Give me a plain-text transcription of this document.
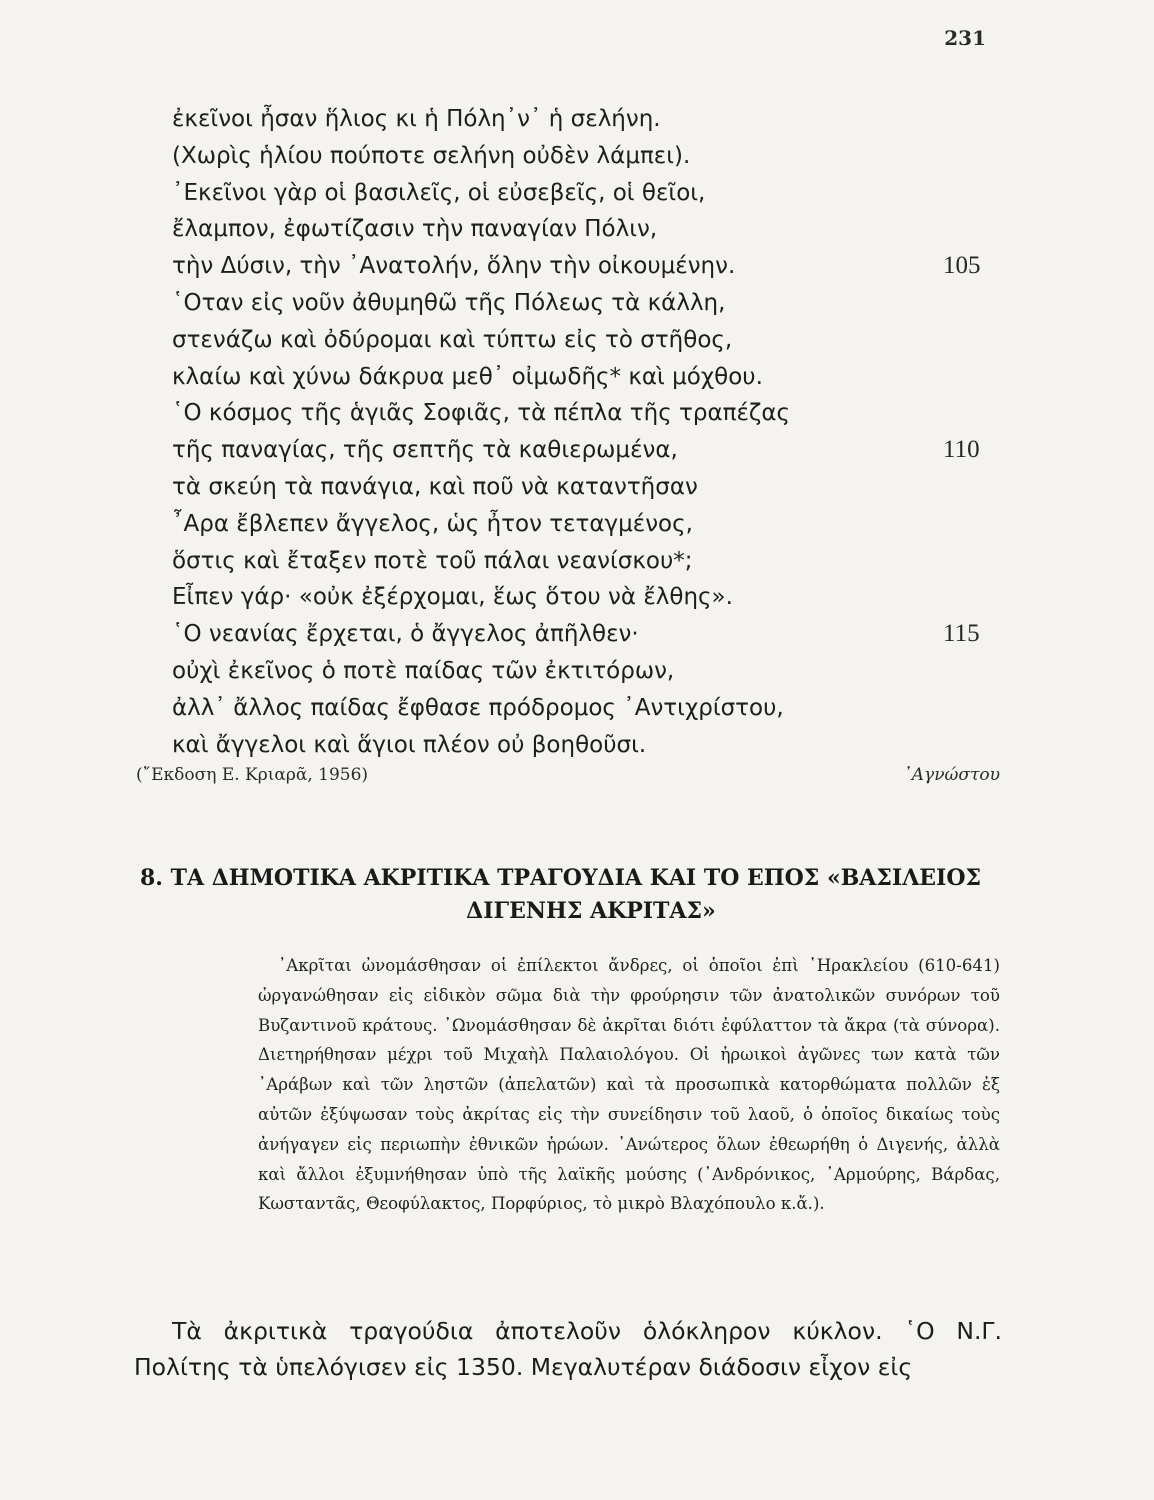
231
ἐκεῖνοι ἦσαν ἥλιος κι ἡ Πόλη᾽ν᾽ ἡ σελήνη.
(Χωρὶς ἡλίου πούποτε σελήνη οὐδὲν λάμπει).
᾽Εκεῖνοι γὰρ οἱ βασιλεῖς, οἱ εὐσεβεῖς, οἱ θεῖοι,
ἔλαμπον, ἐφωτίζασιν τὴν παναγίαν Πόλιν,
τὴν Δύσιν, τὴν ᾽Ανατολήν, ὅλην τὴν οἰκουμένην.	105
῾Οταν εἰς νοῦν ἀθυμηθῶ τῆς Πόλεως τὰ κάλλη,
στενάζω καὶ ὀδύρομαι καὶ τύπτω εἰς τὸ στῆθος,
κλαίω καὶ χύνω δάκρυα μεθ᾽ οἰμωδῆς* καὶ μόχθου.
῾Ο κόσμος τῆς ἁγιᾶς Σοφιᾶς, τὰ πέπλα τῆς τραπέζας
τῆς παναγίας, τῆς σεπτῆς τὰ καθιερωμένα,	110
τὰ σκεύη τὰ πανάγια, καὶ ποῦ νὰ καταντῆσαν
῏Αρα ἔβλεπεν ἄγγελος, ὡς ἦτον τεταγμένος,
ὅστις καὶ ἔταξεν ποτὲ τοῦ πάλαι νεανίσκου*;
Εἶπεν γάρ· «οὐκ ἐξέρχομαι, ἕως ὅτου νὰ ἔλθης».
῾Ο νεανίας ἔρχεται, ὁ ἄγγελος ἀπῆλθεν·	115
οὐχὶ ἐκεῖνος ὁ ποτὲ παίδας τῶν ἐκτιτόρων,
ἀλλ᾽ ἄλλος παίδας ἔφθασε πρόδρομος ᾽Αντιχρίστου,
καὶ ἄγγελοι καὶ ἅγιοι πλέον οὐ βοηθοῦσι.
(῎Εκδοση Ε. Κριαρᾶ, 1956)	᾽Αγνώστου
8. ΤΑ ΔΗΜΟΤΙΚΑ ΑΚΡΙΤΙΚΑ ΤΡΑΓΟΥΔΙΑ ΚΑΙ ΤΟ ΕΠΟΣ «ΒΑΣΙΛΕΙΟΣ
ΔΙΓΕΝΗΣ ΑΚΡΙΤΑΣ»
᾽Ακρῖται ὠνομάσθησαν οἱ ἐπίλεκτοι ἄνδρες, οἱ ὁποῖοι ἐπὶ ῾Ηρακλείου (610-641) ὠργανώθησαν εἰς εἰδικὸν σῶμα διὰ τὴν φρούρησιν τῶν ἀνατολικῶν συνόρων τοῦ Βυζαντινοῦ κράτους. ᾽Ωνομάσθησαν δὲ ἀκρῖται διότι ἐφύλαττον τὰ ἄκρα (τὰ σύνορα). Διετηρήθησαν μέχρι τοῦ Μιχαὴλ Παλαιολόγου. Οἱ ἡρωικοὶ ἀγῶνες των κατὰ τῶν ᾽Αράβων καὶ τῶν ληστῶν (ἀπελατῶν) καὶ τὰ προσωπικὰ κατορθώματα πολλῶν ἐξ αὐτῶν ἐξύψωσαν τοὺς ἀκρίτας εἰς τὴν συνείδησιν τοῦ λαοῦ, ὁ ὁποῖος δικαίως τοὺς ἀνήγαγεν εἰς περιωπὴν ἐθνικῶν ἡρώων. ᾽Ανώτερος ὅλων ἐθεωρήθη ὁ Διγενής, ἀλλὰ καὶ ἄλλοι ἐξυμνήθησαν ὑπὸ τῆς λαϊκῆς μούσης (᾽Ανδρόνικος, ᾽Αρμούρης, Βάρδας, Κωσταντᾶς, Θεοφύλακτος, Πορφύριος, τὸ μικρὸ Βλαχόπουλο κ.ἄ.).
Τὰ ἀκριτικὰ τραγούδια ἀποτελοῦν ὁλόκληρον κύκλον. ῾Ο Ν.Γ. Πολίτης τὰ ὑπελόγισεν εἰς 1350. Μεγαλυτέραν διάδοσιν εἶχον εἰς
